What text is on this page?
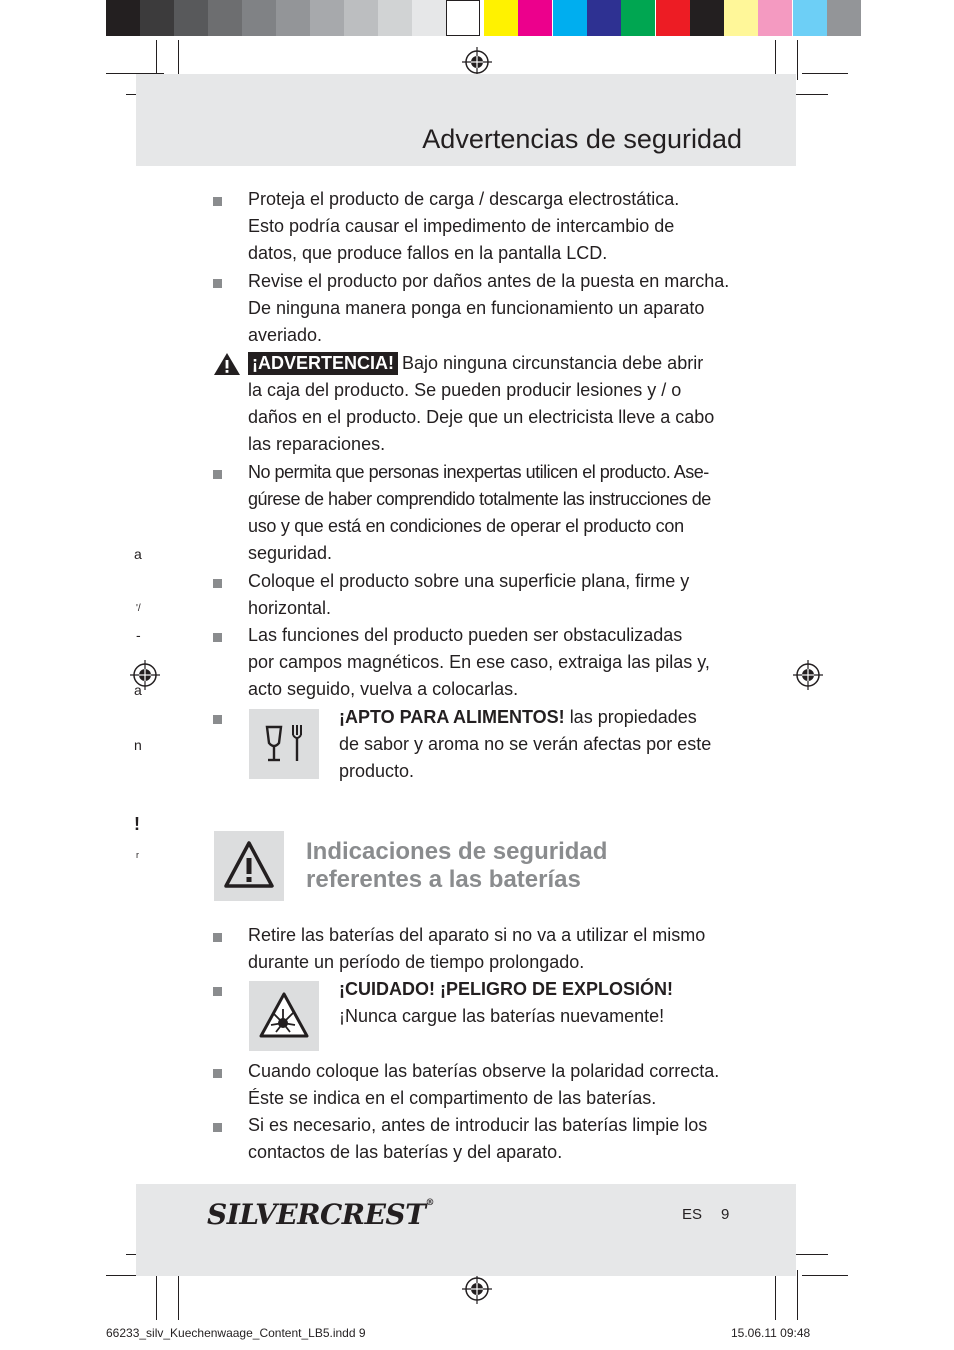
Advertencias de seguridad
a
'/
-
a
n
!
r
Proteja el producto de carga / descarga electrostática.
Esto podría causar el impedimento de intercambio de
datos, que produce fallos en la pantalla LCD.
Revise el producto por daños antes de la puesta en marcha.
De ninguna manera ponga en funcionamiento un aparato
averiado.
¡ADVERTENCIA! Bajo ninguna circunstancia debe abrir
la caja del producto. Se pueden producir lesiones y / o
daños en el producto. Deje que un electricista lleve a cabo
las reparaciones.
No permita que personas inexpertas utilicen el producto. Ase-
gúrese de haber comprendido totalmente las instrucciones de
uso y que está en condiciones de operar el producto con
seguridad.
Coloque el producto sobre una superficie plana, firme y
horizontal.
Las funciones del producto pueden ser obstaculizadas
por campos magnéticos. En ese caso, extraiga las pilas y,
acto seguido, vuelva a colocarlas.
¡APTO PARA ALIMENTOS! las propiedades
de sabor y aroma no se verán afectas por este
producto.
Indicaciones de seguridad
referentes a las baterías
Retire las baterías del aparato si no va a utilizar el mismo
durante un período de tiempo prolongado.
¡CUIDADO! ¡PELIGRO DE EXPLOSIÓN!
¡Nunca cargue las baterías nuevamente!
Cuando coloque las baterías observe la polaridad correcta.
Éste se indica en el compartimento de las baterías.
Si es necesario, antes de introducir las baterías limpie los
contactos de las baterías y del aparato.
SILVERCREST®
ES 9
66233_silv_Kuechenwaage_Content_LB5.indd 9	15.06.11 09:48
